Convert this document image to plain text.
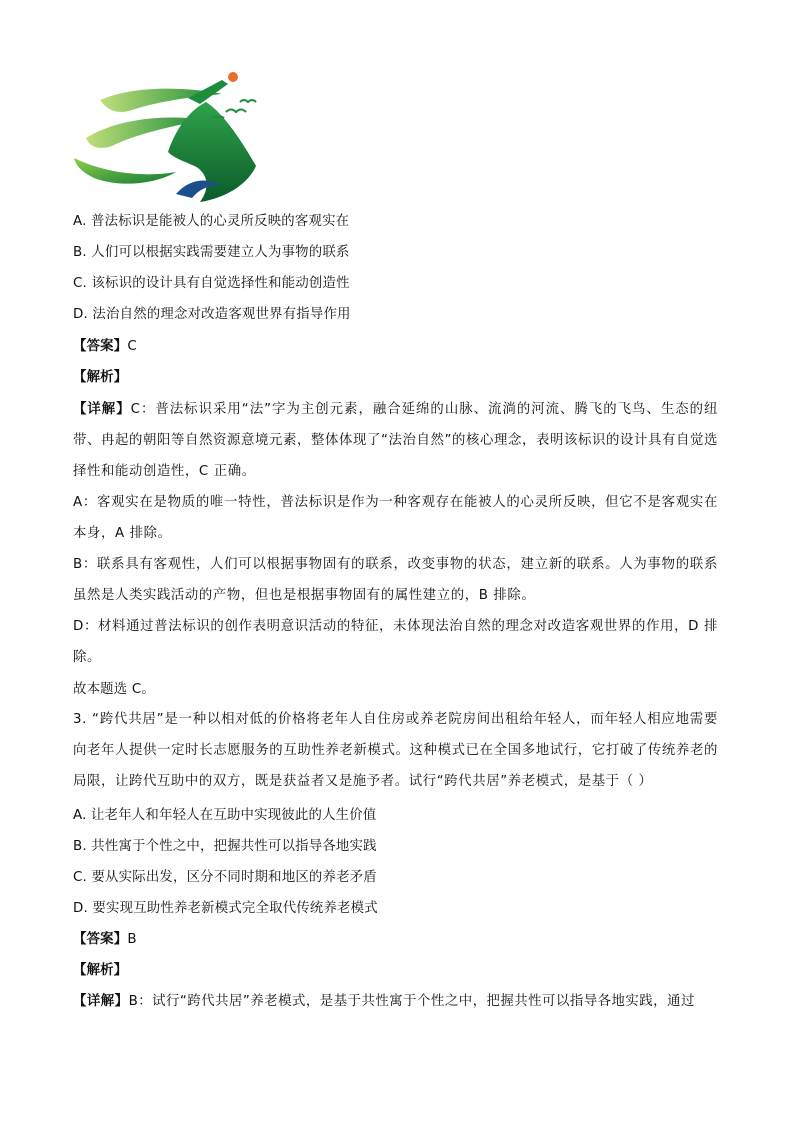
A. 普法标识是能被人的心灵所反映的客观实在
B. 人们可以根据实践需要建立人为事物的联系
C. 该标识的设计具有自觉选择性和能动创造性
D. 法治自然的理念对改造客观世界有指导作用
【答案】C
【解析】
【详解】C：普法标识采用“法”字为主创元素，融合延绵的山脉、流淌的河流、腾飞的飞鸟、生态的纽带、冉起的朝阳等自然资源意境元素，整体体现了“法治自然”的核心理念，表明该标识的设计具有自觉选择性和能动创造性，C 正确。
A：客观实在是物质的唯一特性，普法标识是作为一种客观存在能被人的心灵所反映，但它不是客观实在本身，A 排除。
B：联系具有客观性，人们可以根据事物固有的联系，改变事物的状态，建立新的联系。人为事物的联系虽然是人类实践活动的产物，但也是根据事物固有的属性建立的，B 排除。
D：材料通过普法标识的创作表明意识活动的特征，未体现法治自然的理念对改造客观世界的作用，D 排除。
故本题选 C。
3. “跨代共居”是一种以相对低的价格将老年人自住房或养老院房间出租给年轻人，而年轻人相应地需要向老年人提供一定时长志愿服务的互助性养老新模式。这种模式已在全国多地试行，它打破了传统养老的局限，让跨代互助中的双方，既是获益者又是施予者。试行“跨代共居”养老模式，是基于（ ）
A. 让老年人和年轻人在互助中实现彼此的人生价值
B. 共性寓于个性之中，把握共性可以指导各地实践
C. 要从实际出发，区分不同时期和地区的养老矛盾
D. 要实现互助性养老新模式完全取代传统养老模式
【答案】B
【解析】
【详解】B：试行“跨代共居”养老模式，是基于共性寓于个性之中，把握共性可以指导各地实践，通过
